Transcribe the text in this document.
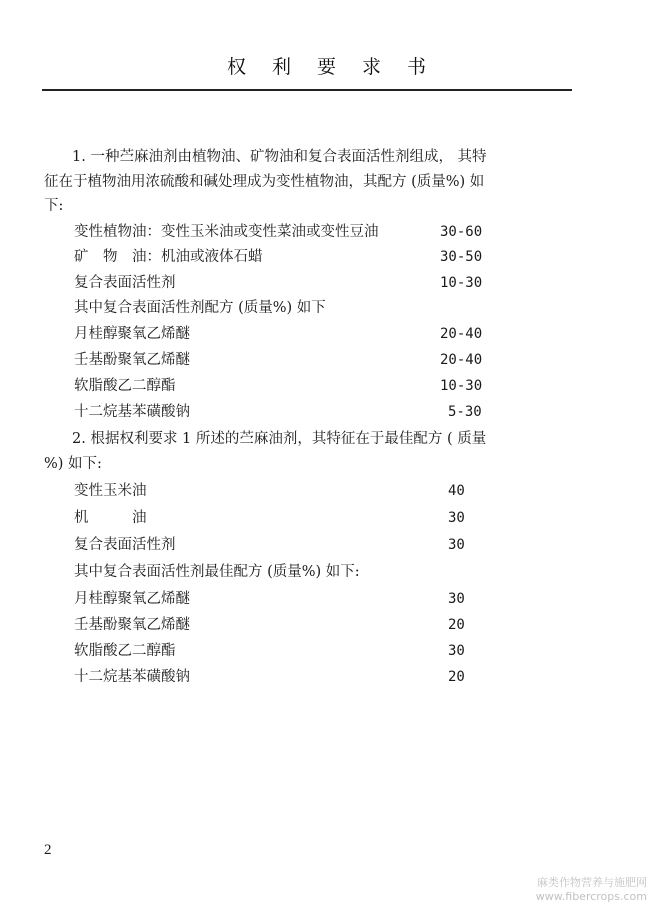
权利要求书
1. 一种苎麻油剂由植物油、矿物油和复合表面活性剂组成， 其特
征在于植物油用浓硫酸和碱处理成为变性植物油，其配方 (质量%) 如
下:
变性植物油：变性玉米油或变性菜油或变性豆油	30-60
矿　物　油：机油或液体石蜡	30-50
复合表面活性剂	10-30
其中复合表面活性剂配方 (质量%) 如下
月桂醇聚氧乙烯醚	20-40
壬基酚聚氧乙烯醚	20-40
软脂酸乙二醇酯	10-30
十二烷基苯磺酸钠	5-30
2. 根据权利要求 1 所述的苎麻油剂，其特征在于最佳配方 ( 质量
%) 如下:
变性玉米油	40
机　　　油	30
复合表面活性剂	30
其中复合表面活性剂最佳配方 (质量%) 如下:
月桂醇聚氧乙烯醚	30
壬基酚聚氧乙烯醚	20
软脂酸乙二醇酯	30
十二烷基苯磺酸钠	20
2
麻类作物营养与施肥网
www.fibercrops.com
